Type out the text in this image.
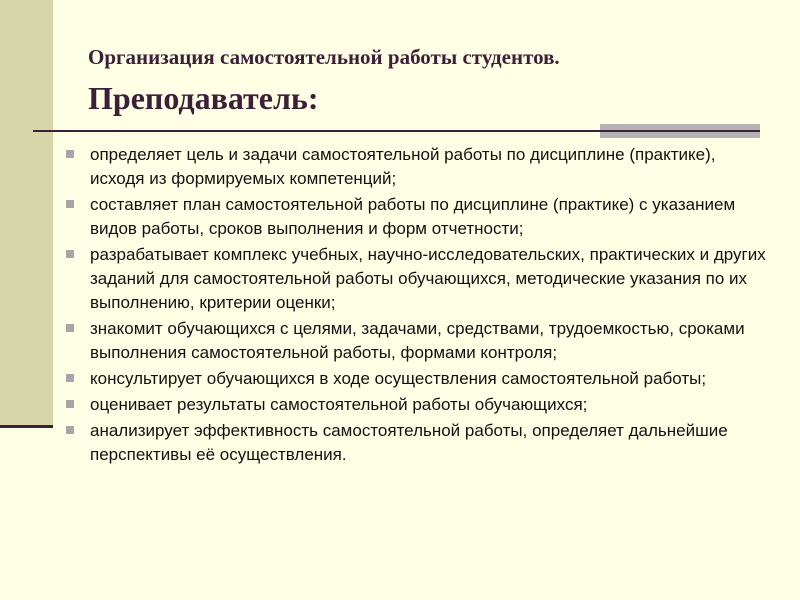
Организация самостоятельной работы студентов.

Преподаватель:

определяет цель и задачи самостоятельной работы по дисциплине (практике), исходя из формируемых компетенций;
составляет план самостоятельной работы по дисциплине (практике) с указанием видов работы, сроков выполнения и форм отчетности;
разрабатывает комплекс учебных, научно-исследовательских, практических и других заданий для самостоятельной работы обучающихся, методические указания по их выполнению, критерии оценки;
знакомит обучающихся с целями, задачами, средствами, трудоемкостью, сроками выполнения самостоятельной работы, формами контроля;
консультирует обучающихся в ходе осуществления самостоятельной работы;
оценивает результаты самостоятельной работы обучающихся;
анализирует эффективность самостоятельной работы, определяет дальнейшие перспективы её осуществления.
